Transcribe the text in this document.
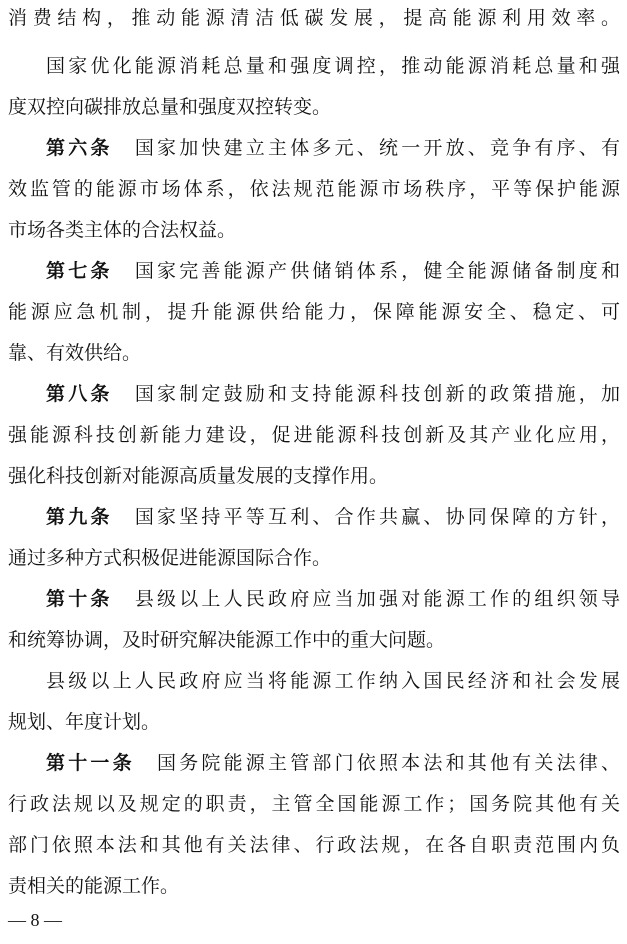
消费结构，推动能源清洁低碳发展，提高能源利用效率。
国家优化能源消耗总量和强度调控，推动能源消耗总量和强
度双控向碳排放总量和强度双控转变。
第六条　 国家加快建立主体多元、统一开放、竞争有序、有
效监管的能源市场体系，依法规范能源市场秩序，平等保护能源
市场各类主体的合法权益。
第七条　 国家完善能源产供储销体系，健全能源储备制度和
能源应急机制，提升能源供给能力，保障能源安全、稳定、可
靠、有效供给。
第八条　 国家制定鼓励和支持能源科技创新的政策措施，加
强能源科技创新能力建设，促进能源科技创新及其产业化应用，
强化科技创新对能源高质量发展的支撑作用。
第九条　 国家坚持平等互利、合作共赢、协同保障的方针，
通过多种方式积极促进能源国际合作。
第十条　 县级以上人民政府应当加强对能源工作的组织领导
和统筹协调，及时研究解决能源工作中的重大问题。
县级以上人民政府应当将能源工作纳入国民经济和社会发展
规划、年度计划。
第十一条　 国务院能源主管部门依照本法和其他有关法律、
行政法规以及规定的职责，主管全国能源工作；国务院其他有关
部门依照本法和其他有关法律、行政法规，在各自职责范围内负
责相关的能源工作。
— 8 —
